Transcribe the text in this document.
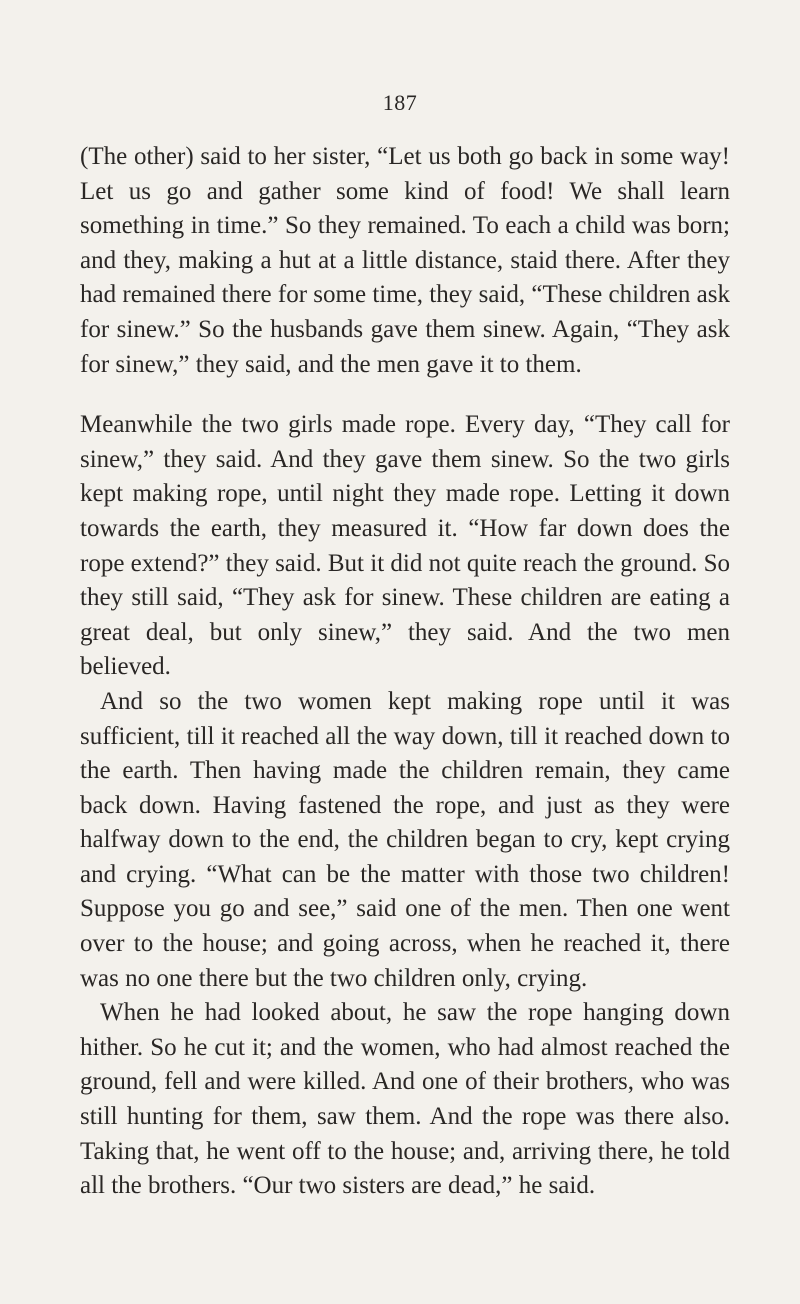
187

(The other) said to her sister, “Let us both go back in some way! Let us go and gather some kind of food! We shall learn something in time.” So they remained. To each a child was born; and they, making a hut at a little distance, staid there. After they had remained there for some time, they said, “These children ask for sinew.” So the husbands gave them sinew. Again, “They ask for sinew,” they said, and the men gave it to them.

Meanwhile the two girls made rope. Every day, “They call for sinew,” they said. And they gave them sinew. So the two girls kept making rope, until night they made rope. Letting it down towards the earth, they measured it. “How far down does the rope extend?” they said. But it did not quite reach the ground. So they still said, “They ask for sinew. These children are eating a great deal, but only sinew,” they said. And the two men believed.

And so the two women kept making rope until it was sufficient, till it reached all the way down, till it reached down to the earth. Then having made the children remain, they came back down. Having fastened the rope, and just as they were halfway down to the end, the children began to cry, kept crying and crying. “What can be the matter with those two children! Suppose you go and see,” said one of the men. Then one went over to the house; and going across, when he reached it, there was no one there but the two children only, crying.

When he had looked about, he saw the rope hanging down hither. So he cut it; and the women, who had almost reached the ground, fell and were killed. And one of their brothers, who was still hunting for them, saw them. And the rope was there also. Taking that, he went off to the house; and, arriving there, he told all the brothers. “Our two sisters are dead,” he said.
